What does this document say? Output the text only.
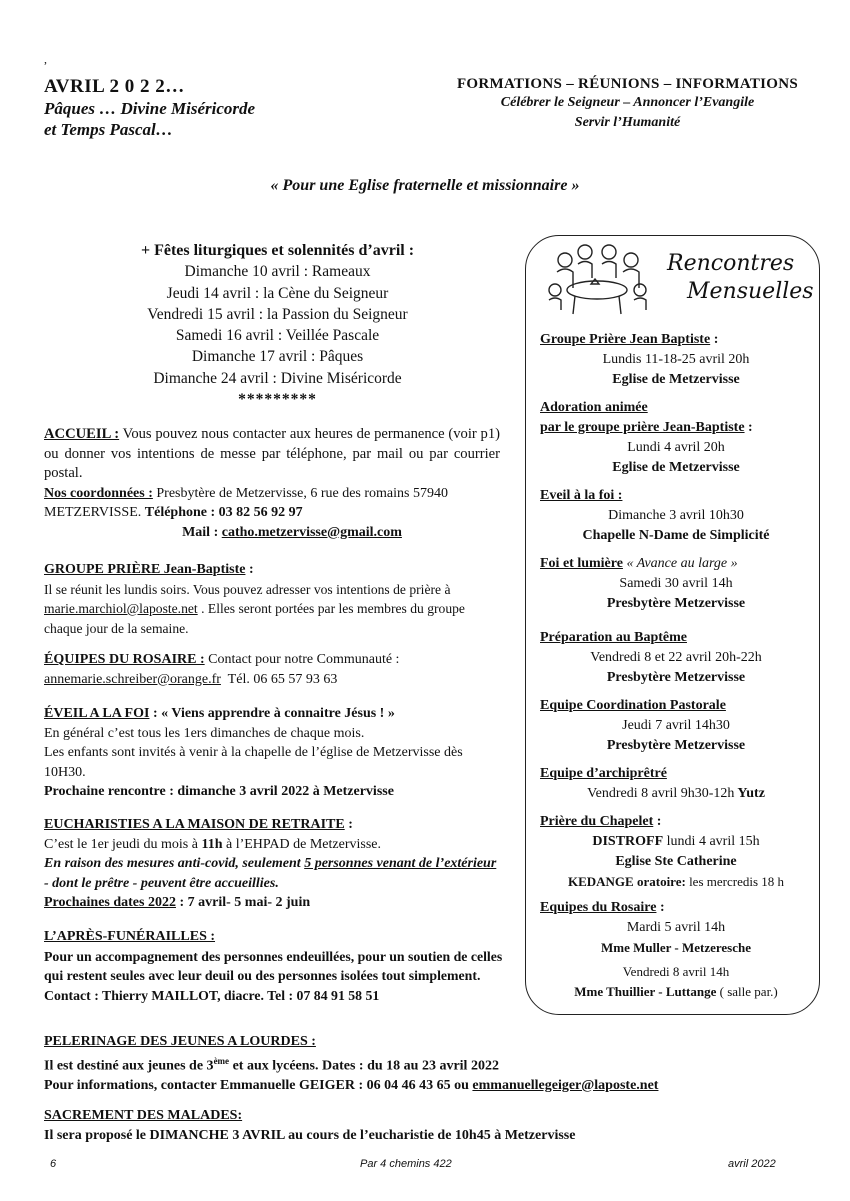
,
AVRIL 2 0 2 2…
Pâques … Divine Miséricorde
et Temps Pascal…
FORMATIONS – RÉUNIONS – INFORMATIONS
Célébrer le Seigneur – Annoncer l’Evangile
Servir l’Humanité
« Pour une Eglise fraternelle et missionnaire »
+ Fêtes liturgiques et solennités d’avril :
Dimanche 10 avril : Rameaux
Jeudi 14 avril : la Cène du Seigneur
Vendredi 15 avril : la Passion du Seigneur
Samedi 16 avril : Veillée Pascale
Dimanche 17 avril : Pâques
Dimanche 24 avril : Divine Miséricorde
*********

ACCUEIL : Vous pouvez nous contacter aux heures de permanence (voir p1) ou donner vos intentions de messe par téléphone, par mail ou par courrier postal.

Nos coordonnées : Presbytère de Metzervisse, 6 rue des romains 57940 METZERVISSE. Téléphone : 03 82 56 92 97

Mail : catho.metzervisse@gmail.com

GROUPE PRIÈRE Jean-Baptiste :

Il se réunit les lundis soirs. Vous pouvez adresser vos intentions de prière à marie.marchiol@laposte.net . Elles seront portées par les membres du groupe chaque jour de la semaine.

ÉQUIPES DU ROSAIRE : Contact pour notre Communauté :

annemarie.schreiber@orange.fr Tél. 06 65 57 93 63

ÉVEIL A LA FOI : « Viens apprendre à connaitre Jésus ! »

En général c’est tous les 1ers dimanches de chaque mois.

Les enfants sont invités à venir à la chapelle de l’église de Metzervisse dès 10H30.

Prochaine rencontre : dimanche 3 avril 2022 à Metzervisse

EUCHARISTIES A LA MAISON DE RETRAITE :

C’est le 1er jeudi du mois à 11h à l’EHPAD de Metzervisse.

En raison des mesures anti-covid, seulement 5 personnes venant de l’extérieur - dont le prêtre - peuvent être accueillies.

Prochaines dates 2022 : 7 avril- 5 mai- 2 juin

L’APRÈS-FUNÉRAILLES :

Pour un accompagnement des personnes endeuillées, pour un soutien de celles qui restent seules avec leur deuil ou des personnes isolées tout simplement. Contact : Thierry MAILLOT, diacre. Tel : 07 84 91 58 51

PELERINAGE DES JEUNES A LOURDES :

Il est destiné aux jeunes de 3ème et aux lycéens. Dates : du 18 au 23 avril 2022

Pour informations, contacter Emmanuelle GEIGER : 06 04 46 43 65 ou emmanuellegeiger@laposte.net

SACREMENT DES MALADES:

Il sera proposé le DIMANCHE 3 AVRIL au cours de l’eucharistie de 10h45 à Metzervisse

Rencontres
Mensuelles
Groupe Prière Jean Baptiste :
Lundis 11-18-25 avril 20h
Eglise de Metzervisse
Adoration animée
par le groupe prière Jean-Baptiste :
Lundi 4 avril 20h
Eglise de Metzervisse
Eveil à la foi :
Dimanche 3 avril 10h30
Chapelle N-Dame de Simplicité
Foi et lumière « Avance au large »
Samedi 30 avril 14h
Presbytère Metzervisse
Préparation au Baptême
Vendredi 8 et 22 avril 20h-22h
Presbytère Metzervisse
Equipe Coordination Pastorale
Jeudi 7 avril 14h30
Presbytère Metzervisse
Equipe d’archiprêtré
Vendredi 8 avril 9h30-12h Yutz
Prière du Chapelet :
DISTROFF lundi 4 avril 15h
Eglise Ste Catherine
KEDANGE oratoire: les mercredis 18 h
Equipes du Rosaire :
Mardi 5 avril 14h
Mme Muller - Metzeresche
Vendredi 8 avril 14h
Mme Thuillier - Luttange ( salle par.)
6	Par 4 chemins 422	avril 2022
